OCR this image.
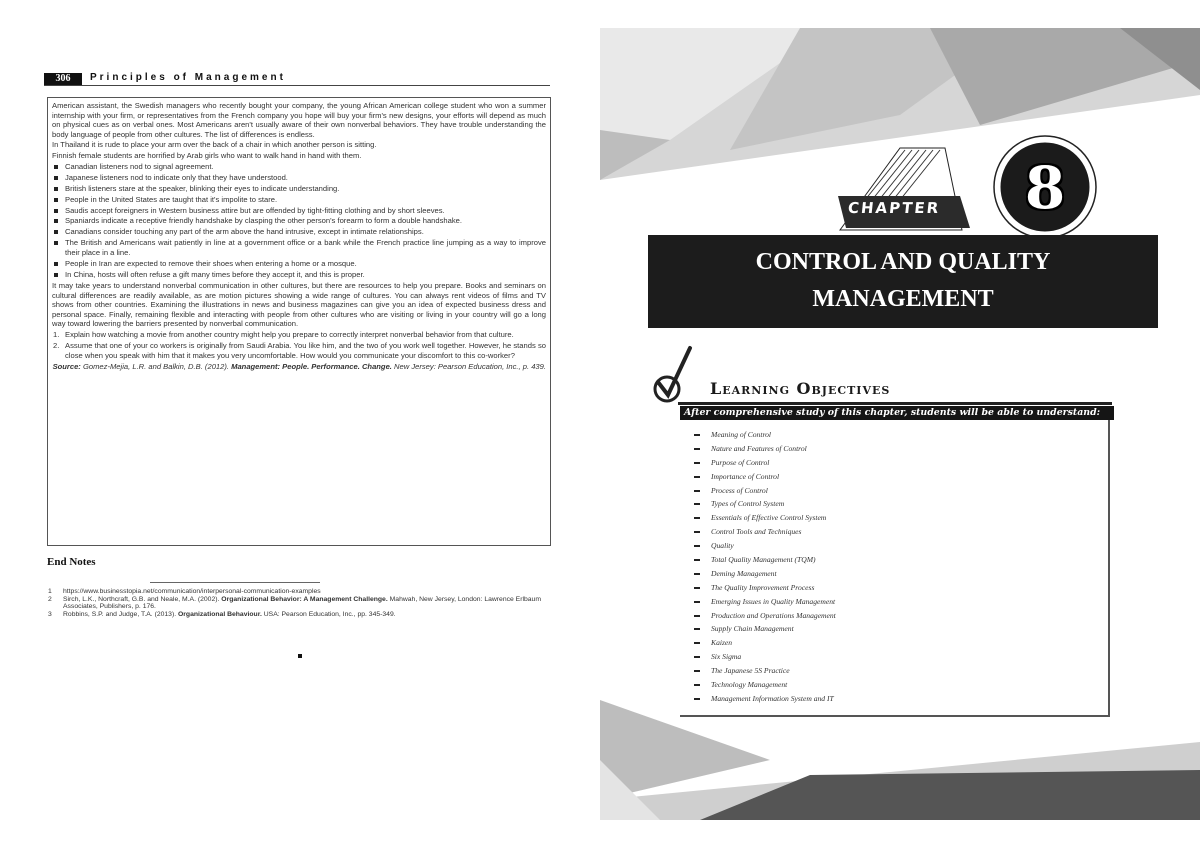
306	Principles of Management

American assistant, the Swedish managers who recently bought your company, the young African American college student who won a summer internship with your firm, or representatives from the French company you hope will buy your firm's new designs, your efforts will depend as much on physical cues as on verbal ones. Most Americans aren't usually aware of their own nonverbal behaviors. They have trouble understanding the body language of people from other cultures. The list of differences is endless.

In Thailand it is rude to place your arm over the back of a chair in which another person is sitting.

Finnish female students are horrified by Arab girls who want to walk hand in hand with them.

Canadian listeners nod to signal agreement.
Japanese listeners nod to indicate only that they have understood.
British listeners stare at the speaker, blinking their eyes to indicate understanding.
People in the United States are taught that it's impolite to stare.
Saudis accept foreigners in Western business attire but are offended by tight-fitting clothing and by short sleeves.
Spaniards indicate a receptive friendly handshake by clasping the other person's forearm to form a double handshake.
Canadians consider touching any part of the arm above the hand intrusive, except in intimate relationships.
The British and Americans wait patiently in line at a government office or a bank while the French practice line jumping as a way to improve their place in a line.
People in Iran are expected to remove their shoes when entering a home or a mosque.
In China, hosts will often refuse a gift many times before they accept it, and this is proper.

It may take years to understand nonverbal communication in other cultures, but there are resources to help you prepare. Books and seminars on cultural differences are readily available, as are motion pictures showing a wide range of cultures. You can always rent videos of films and TV shows from other countries. Examining the illustrations in news and business magazines can give you an idea of expected business dress and personal space. Finally, remaining flexible and interacting with people from other cultures who are visiting or living in your country will go a long way toward lowering the barriers presented by nonverbal communication.

1. Explain how watching a movie from another country might help you prepare to correctly interpret nonverbal behavior from that culture.
2. Assume that one of your co workers is originally from Saudi Arabia. You like him, and the two of you work well together. However, he stands so close when you speak with him that it makes you very uncomfortable. How would you communicate your discomfort to this co-worker?
Source: Gomez-Mejia, L.R. and Balkin, D.B. (2012). Management: People. Performance. Change. New Jersey: Pearson Education, Inc., p. 439.
End Notes
1 https://www.businesstopia.net/communication/interpersonal-communication-examples
2 Sirch, L.K., Northcraft, G.B. and Neale, M.A. (2002). Organizational Behavior: A Management Challenge. Mahwah, New Jersey, London: Lawrence Erlbaum Associates, Publishers, p. 176.
3 Robbins, S.P. and Judge, T.A. (2013). Organizational Behaviour. USA: Pearson Education, Inc., pp. 345-349.
CHAPTER	8
CONTROL AND QUALITY
MANAGEMENT
Learning Objectives
After comprehensive study of this chapter, students will be able to understand:
Meaning of Control
Nature and Features of Control
Purpose of Control
Importance of Control
Process of Control
Types of Control System
Essentials of Effective Control System
Control Tools and Techniques
Quality
Total Quality Management (TQM)
Deming Management
The Quality Improvement Process
Emerging Issues in Quality Management
Production and Operations Management
Supply Chain Management
Kaizen
Six Sigma
The Japanese 5S Practice
Technology Management
Management Information System and IT
